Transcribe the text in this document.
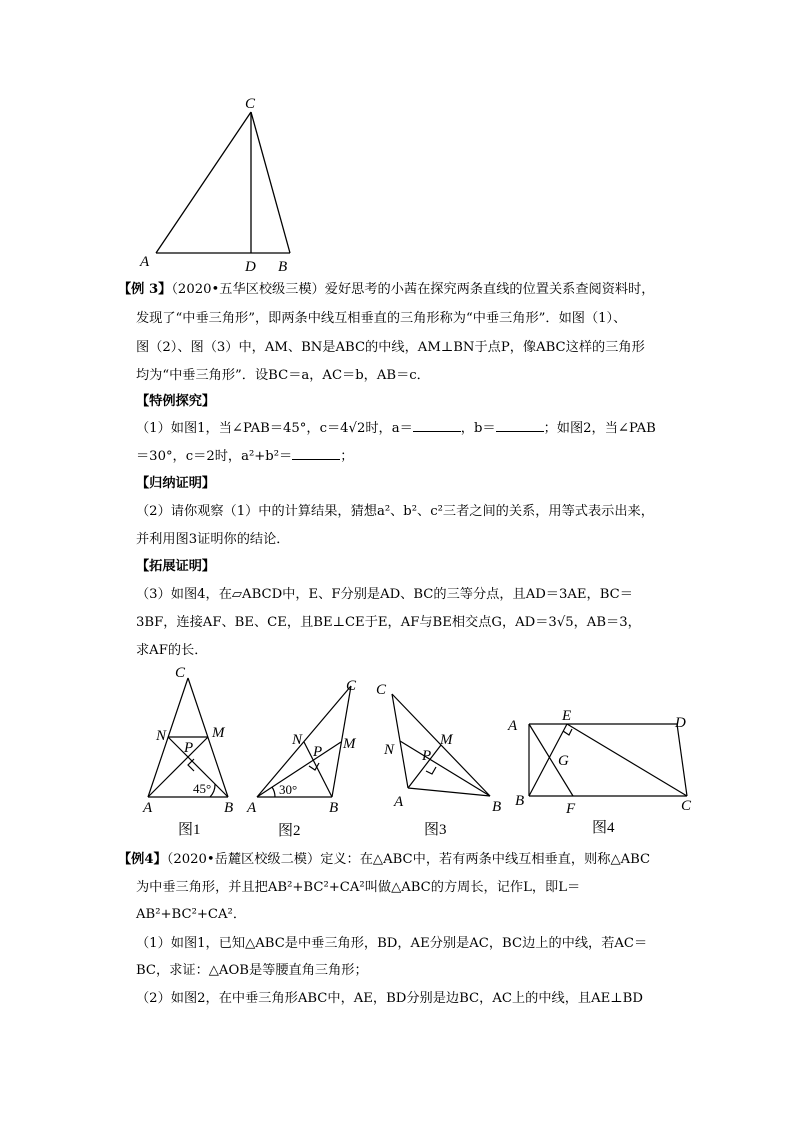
C
A	D B
【例 3】（2020•五华区校级三模）爱好思考的小茜在探究两条直线的位置关系查阅资料时，
发现了“中垂三角形”，即两条中线互相垂直的三角形称为“中垂三角形”．如图（1）、
图（2）、图（3）中，AM、BN是ABC的中线，AM⊥BN于点P，像ABC这样的三角形
均为“中垂三角形”．设BC＝a，AC＝b，AB＝c．
【特例探究】
（1）如图1，当∠PAB＝45°，c＝4√2时，a＝	，b＝	；如图2，当∠PAB
＝30°，c＝2时，a²+b²＝	；
【归纳证明】
（2）请你观察（1）中的计算结果，猜想a²、b²、c²三者之间的关系，用等式表示出来，
并利用图3证明你的结论．
【拓展证明】
（3）如图4，在▱ABCD中，E、F分别是AD、BC的三等分点，且AD＝3AE，BC＝
3BF，连接AF、BE、CE，且BE⊥CE于E，AF与BE相交点G，AD＝3√5，AB＝3，
求AF的长．
C
N	M
P
A	B
45°
图1
C
N
P M
A	B
30°
图2
C
M
N P
A	B
图3
A
E	D
G
B	F	C
图4
【例4】（2020•岳麓区校级二模）定义：在△ABC中，若有两条中线互相垂直，则称△ABC
为中垂三角形，并且把AB²+BC²+CA²叫做△ABC的方周长，记作L，即L＝
AB²+BC²+CA²．
（1）如图1，已知△ABC是中垂三角形，BD，AE分别是AC，BC边上的中线，若AC＝
BC，求证：△AOB是等腰直角三角形；
（2）如图2，在中垂三角形ABC中，AE，BD分别是边BC，AC上的中线，且AE⊥BD
